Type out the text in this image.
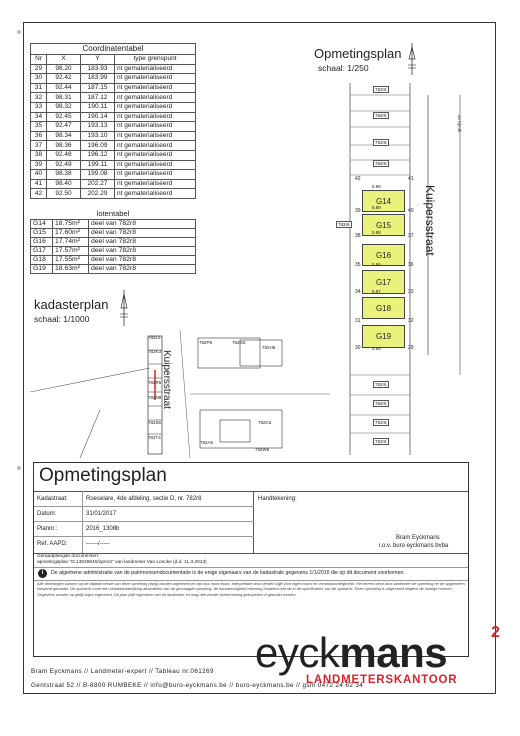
Coordinatentabel			
Nr	X	Y	type grenspunt
29	98.20	183.93	nt gematerialiseerd
30	92.42	183.99	nt gematerialiseerd
31	92.44	187.15	nt gematerialiseerd
32	98.31	187.12	nt gematerialiseerd
33	98.32	190.11	nt gematerialiseerd
34	92.45	190.14	nt gematerialiseerd
35	92.47	193.13	nt gematerialiseerd
36	98.34	193.10	nt gematerialiseerd
37	98.36	196.09	nt gematerialiseerd
38	92.48	196.12	nt gematerialiseerd
39	92.49	199.11	nt gematerialiseerd
40	98.38	199.08	nt gematerialiseerd
41	98.40	202.27	nt gematerialiseerd
42	92.50	202.29	nt gematerialiseerd
lotentabel
G14	18.75m²	deel van 782r8
G15	17.60m²	deel van 782r8
G16	17.74m²	deel van 782r8
G17	17.57m²	deel van 782r8
G18	17.55m²	deel van 782r8
G19	18.63m²	deel van 782r8
Opmetingsplan
schaal: 1/250
as Kjmlb
782r6
782r8
782r8
782r8
782r6
782r8
782r8
782r8
782r8
G14
G15
G16
G17
G18
G19
5.90
5.89
5.88
5.86
5.87
5.86
42	41
40
39
38	37
36
35
34	33
32
31
30	29
Kuipersstraat
kadasterplan
schaal: 1/1000
782L5
782K3
782P8	782G6
782H8
782R6
782N8
782S6
782T4
782C6
782A5
782W6
Kuipersstraat
Opmetingsplan
Kadastraat:	Roeselare, 4de afdeling, sectie D, nr. 782r8
Datum:	31/01/2017
Plannr.:	2016_1308b
Ref. AAPD:	------/-----
Handtekening:
Bram Eyckmans
i.o.v. buro eyckmans bvba
Geraadpleegde documenten:
opmetingsplan "D.13036640/opm/2" van landmeter Van Loncke (d.d. 11.3.2013)
i	De algemene administratie van de patrimoniumdocumentatie is de enige eigenaars van de kadastrale gegevens 1/1/2016 die op dit document voorkomen.
Alle afmetingen kunnen op de digitale versie van deze opmeting (dwg) worden afgelezen en zijn dus nooit exact. Interpretatie door derden blijft voor eigen risico en verantwoordelijkheid. Het terrein werd door landmeter de opmeting en de opgemeten toestand gemaakt. De opdracht moet een standaardafwijking afhandelen van de gevraagde opmeting, de nauwkeurigheid rekening houdend met de in de specificaties van de opdracht. Deze opmeting is uitgevoerd volgens de huidige normen. Gegevens worden op gelijk wijze ingevoerd. Dit plan blijft eigendom van de landmeter en mag niet zonder toestemming gekopieerd of gebruikt worden.
eyckmans	2
LANDMETERSKANTOOR
Bram Eyckmans // Landmeter-expert // Tableau nr.061269
Gentstraat 52 // B-8800 RUMBEKE // info@buro-eyckmans.be // buro-eyckmans.be // gsm 0472 24 62 34
